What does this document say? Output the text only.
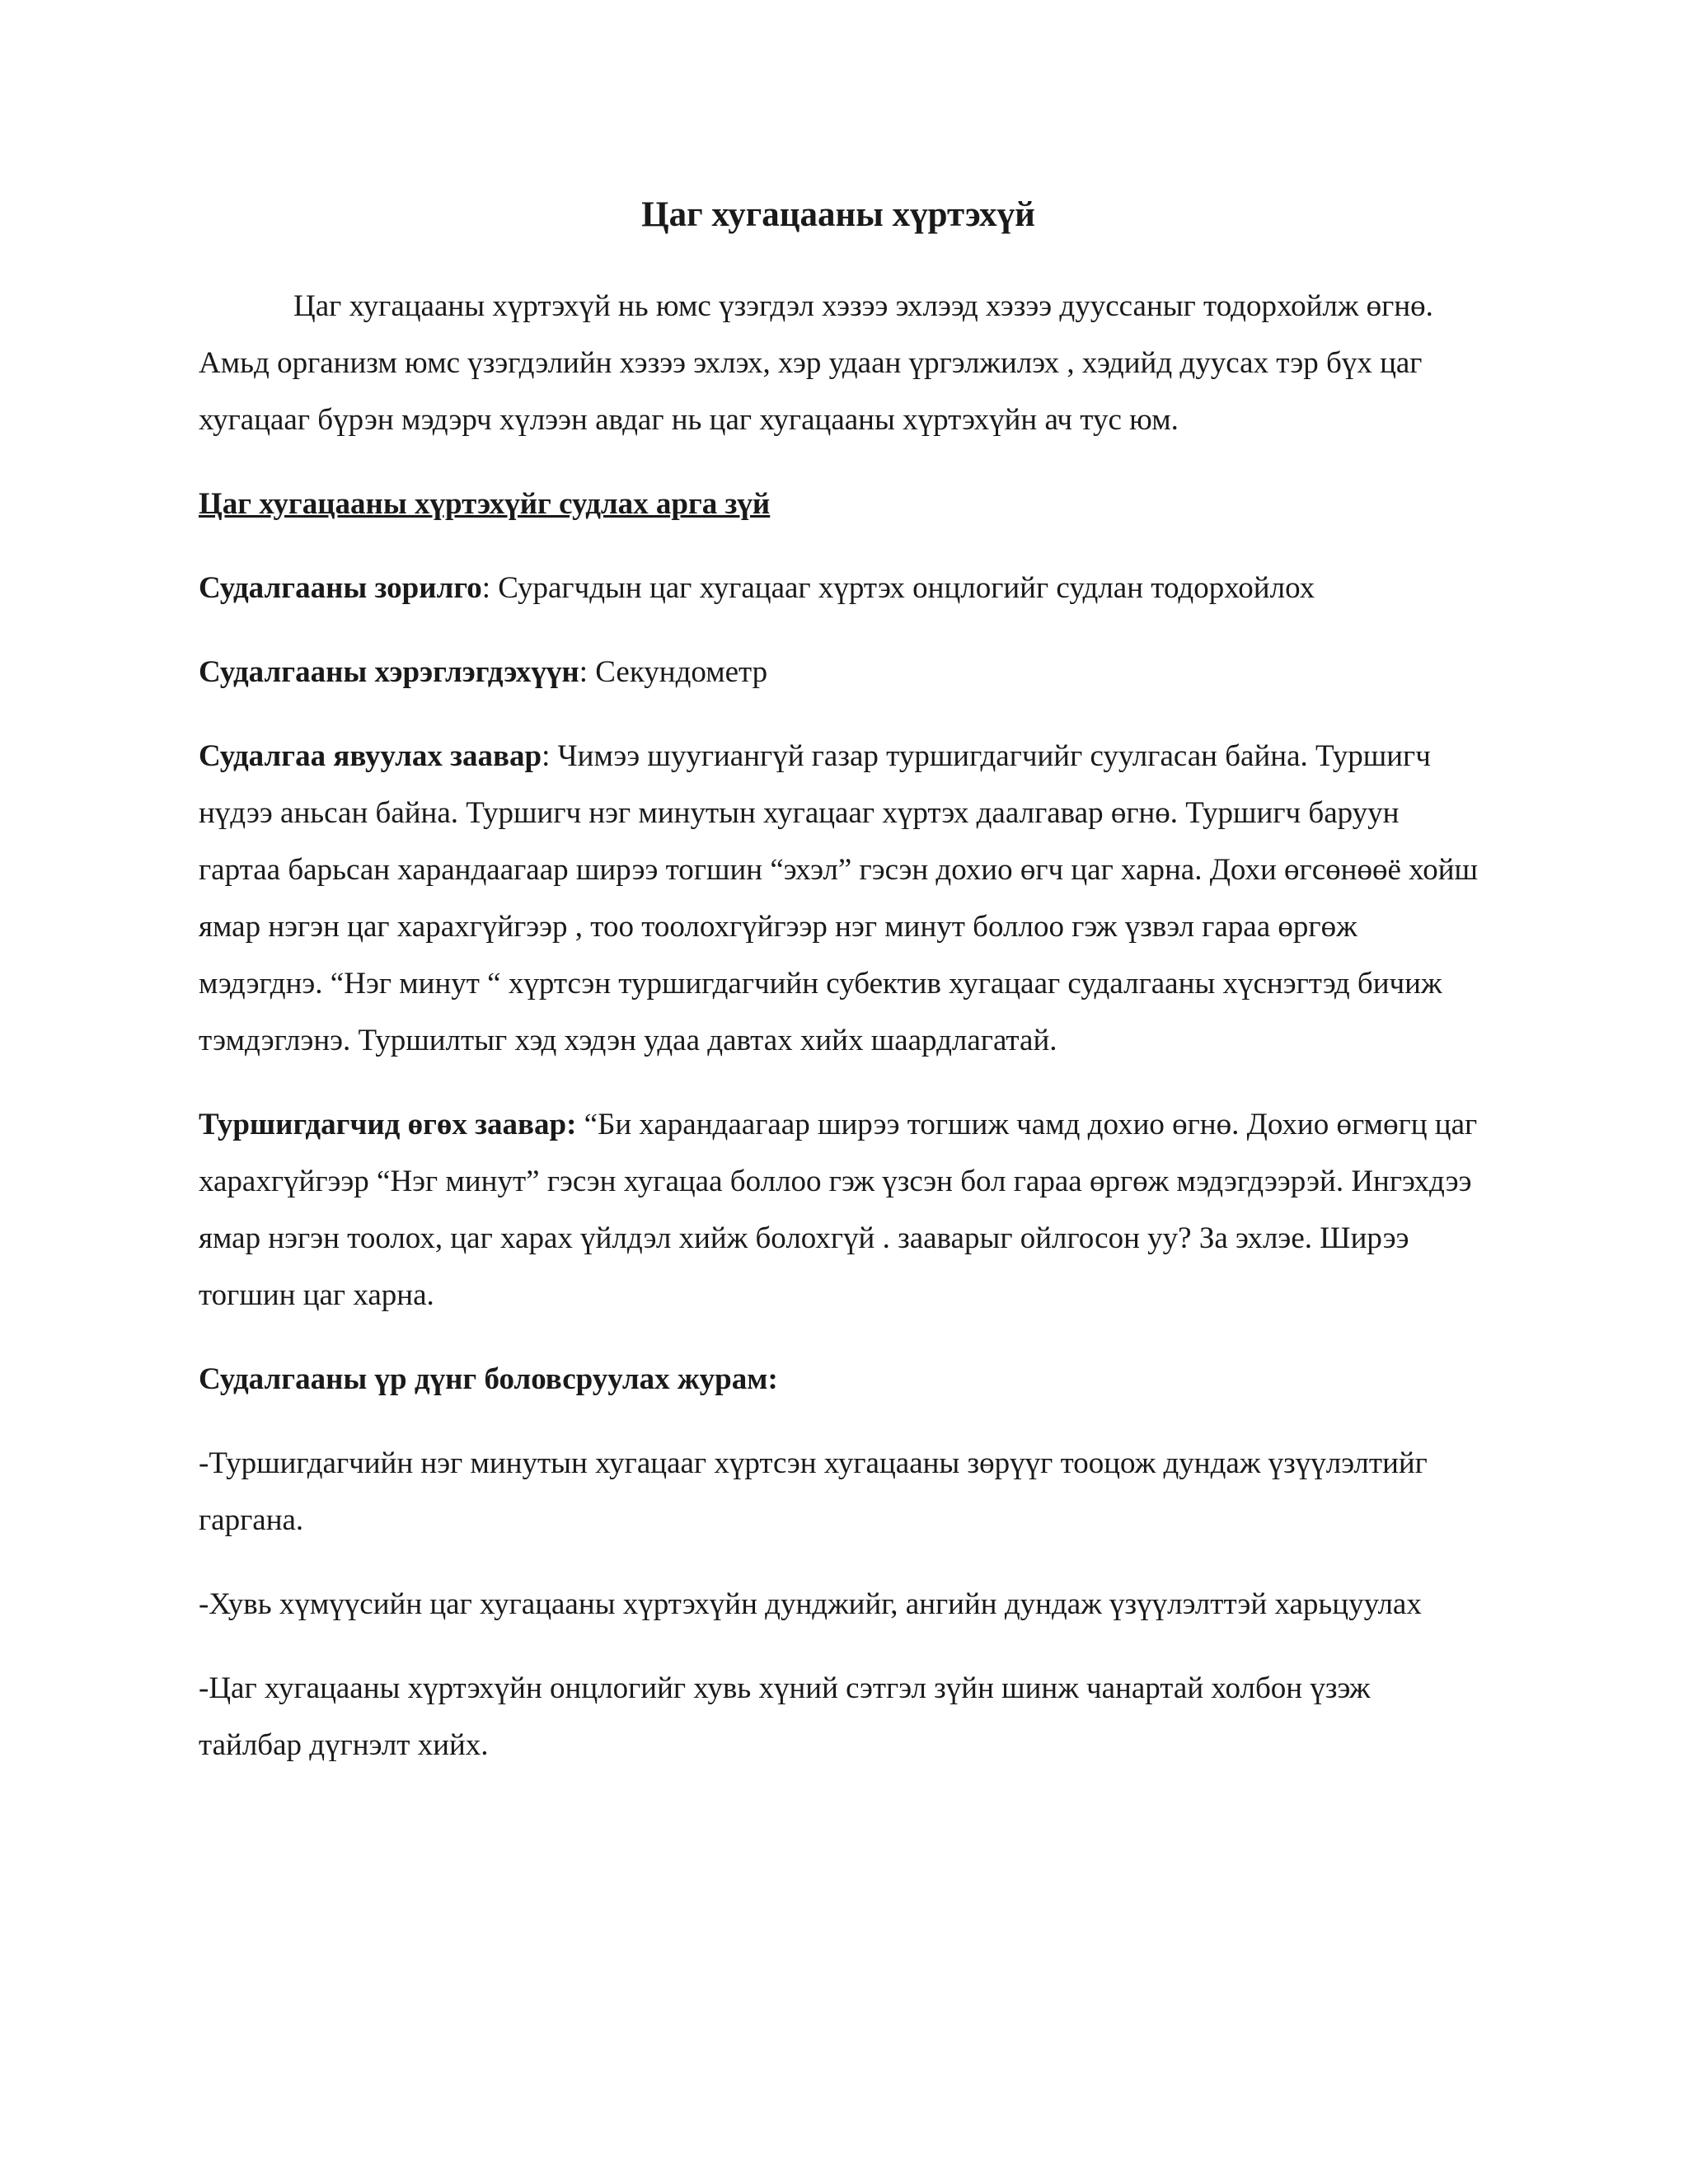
Цаг хугацааны хүртэхүй

Цаг хугацааны хүртэхүй нь юмс үзэгдэл хэзээ эхлээд хэзээ дууссаныг тодорхойлж өгнө. Амьд организм юмс үзэгдэлийн хэзээ эхлэх, хэр удаан үргэлжилэх , хэдийд дуусах тэр бүх цаг хугацааг бүрэн мэдэрч хүлээн авдаг нь цаг хугацааны хүртэхүйн ач тус юм.

Цаг хугацааны хүртэхүйг судлах арга зүй

Судалгааны зорилго: Сурагчдын цаг хугацааг хүртэх онцлогийг судлан тодорхойлох

Судалгааны хэрэглэгдэхүүн: Секундометр

Судалгаа явуулах заавар: Чимээ шуугиангүй газар туршигдагчийг суулгасан байна. Туршигч нүдээ аньсан байна. Туршигч нэг минутын хугацааг хүртэх даалгавар өгнө. Туршигч баруун гартаа барьсан харандаагаар ширээ тогшин “эхэл” гэсэн дохио өгч цаг харна. Дохи өгсөнөөё хойш ямар нэгэн цаг харахгүйгээр , тоо тоолохгүйгээр нэг минут боллоо гэж үзвэл гараа өргөж мэдэгднэ. “Нэг минут “ хүртсэн туршигдагчийн субектив хугацааг судалгааны хүснэгтэд бичиж тэмдэглэнэ. Туршилтыг хэд хэдэн удаа давтах хийх шаардлагатай.

Туршигдагчид өгөх заавар: “Би харандаагаар ширээ тогшиж чамд дохио өгнө. Дохио өгмөгц цаг харахгүйгээр “Нэг минут” гэсэн хугацаа боллоо гэж үзсэн бол гараа өргөж мэдэгдээрэй. Ингэхдээ ямар нэгэн тоолох, цаг харах үйлдэл хийж болохгүй . зааварыг ойлгосон уу? За эхлэе. Ширээ тогшин цаг харна.

Судалгааны үр дүнг боловсруулах журам:

-Туршигдагчийн нэг минутын хугацааг хүртсэн хугацааны зөрүүг тооцож дундаж үзүүлэлтийг гаргана.

-Хувь хүмүүсийн цаг хугацааны хүртэхүйн дунджийг, ангийн дундаж үзүүлэлттэй харьцуулах

-Цаг хугацааны хүртэхүйн онцлогийг хувь хүний сэтгэл зүйн шинж чанартай холбон үзэж тайлбар дүгнэлт хийх.
